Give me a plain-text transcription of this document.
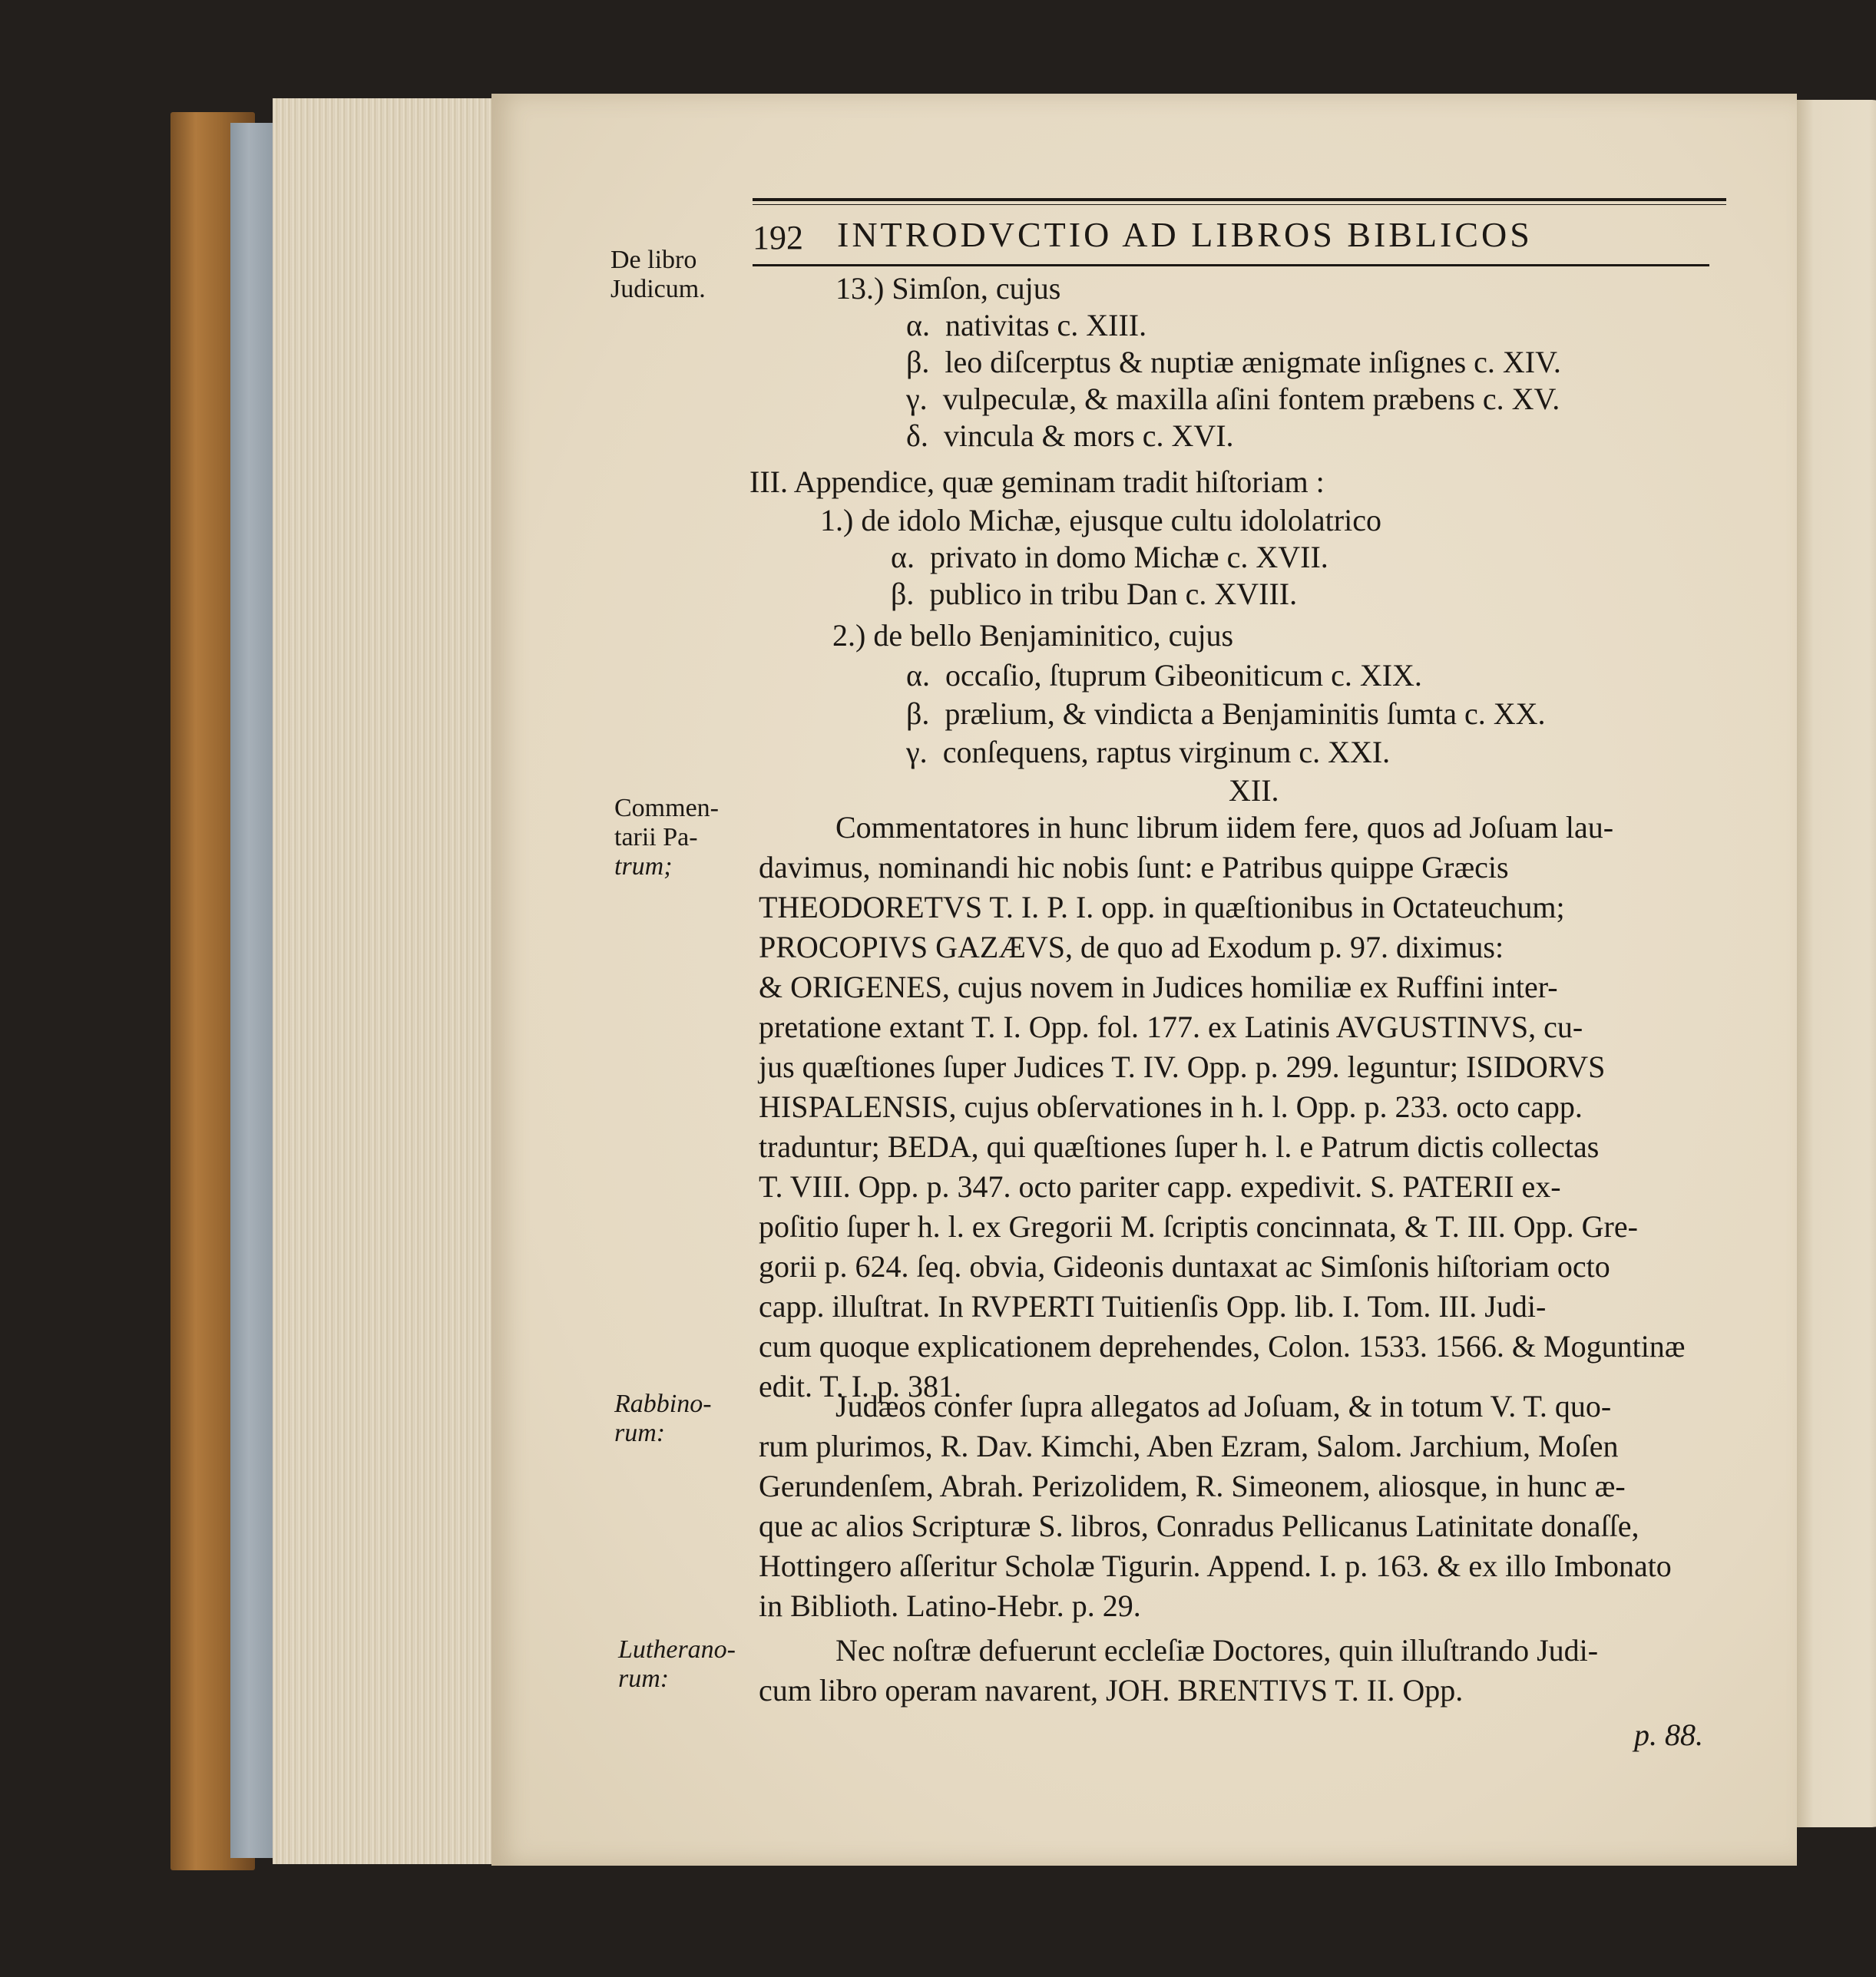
192 INTRODVCTIO AD LIBROS BIBLICOS
De libro
Judicum.
Commen-
tarii Pa-
trum;
Rabbino-
rum:
Lutherano-
rum:
13.) Simſon, cujus
α. nativitas c. XIII.
β. leo diſcerptus & nuptiæ ænigmate inſignes c. XIV.
γ. vulpeculæ, & maxilla aſini fontem præbens c. XV.
δ. vincula & mors c. XVI.
III. Appendice, quæ geminam tradit hiſtoriam :
1.) de idolo Michæ, ejusque cultu idololatrico
α. privato in domo Michæ c. XVII.
β. publico in tribu Dan c. XVIII.
2.) de bello Benjaminitico, cujus
α. occaſio, ſtuprum Gibeoniticum c. XIX.
β. prælium, & vindicta a Benjaminitis ſumta c. XX.
γ. conſequens, raptus virginum c. XXI.
XII.
Commentatores in hunc librum iidem fere, quos ad Joſuam lau-
davimus, nominandi hic nobis ſunt: e Patribus quippe Græcis
THEODORETVS T. I. P. I. opp. in quæſtionibus in Octateuchum;
PROCOPIVS GAZÆVS, de quo ad Exodum p. 97. diximus:
& ORIGENES, cujus novem in Judices homiliæ ex Ruffini inter-
pretatione extant T. I. Opp. fol. 177. ex Latinis AVGUSTINVS, cu-
jus quæſtiones ſuper Judices T. IV. Opp. p. 299. leguntur; ISIDORVS
HISPALENSIS, cujus obſervationes in h. l. Opp. p. 233. octo capp.
traduntur; BEDA, qui quæſtiones ſuper h. l. e Patrum dictis collectas
T. VIII. Opp. p. 347. octo pariter capp. expedivit. S. PATERII ex-
poſitio ſuper h. l. ex Gregorii M. ſcriptis concinnata, & T. III. Opp. Gre-
gorii p. 624. ſeq. obvia, Gideonis duntaxat ac Simſonis hiſtoriam octo
capp. illuſtrat. In RVPERTI Tuitienſis Opp. lib. I. Tom. III. Judi-
cum quoque explicationem deprehendes, Colon. 1533. 1566. & Moguntinæ
edit. T. I. p. 381.
Judæos confer ſupra allegatos ad Joſuam, & in totum V. T. quo-
rum plurimos, R. Dav. Kimchi, Aben Ezram, Salom. Jarchium, Moſen
Gerundenſem, Abrah. Perizolidem, R. Simeonem, aliosque, in hunc æ-
que ac alios Scripturæ S. libros, Conradus Pellicanus Latinitate donaſſe,
Hottingero aſſeritur Scholæ Tigurin. Append. I. p. 163. & ex illo Imbonato
in Biblioth. Latino-Hebr. p. 29.
Nec noſtræ defuerunt eccleſiæ Doctores, quin illuſtrando Judi-
cum libro operam navarent, JOH. BRENTIVS T. II. Opp.
p. 88.
